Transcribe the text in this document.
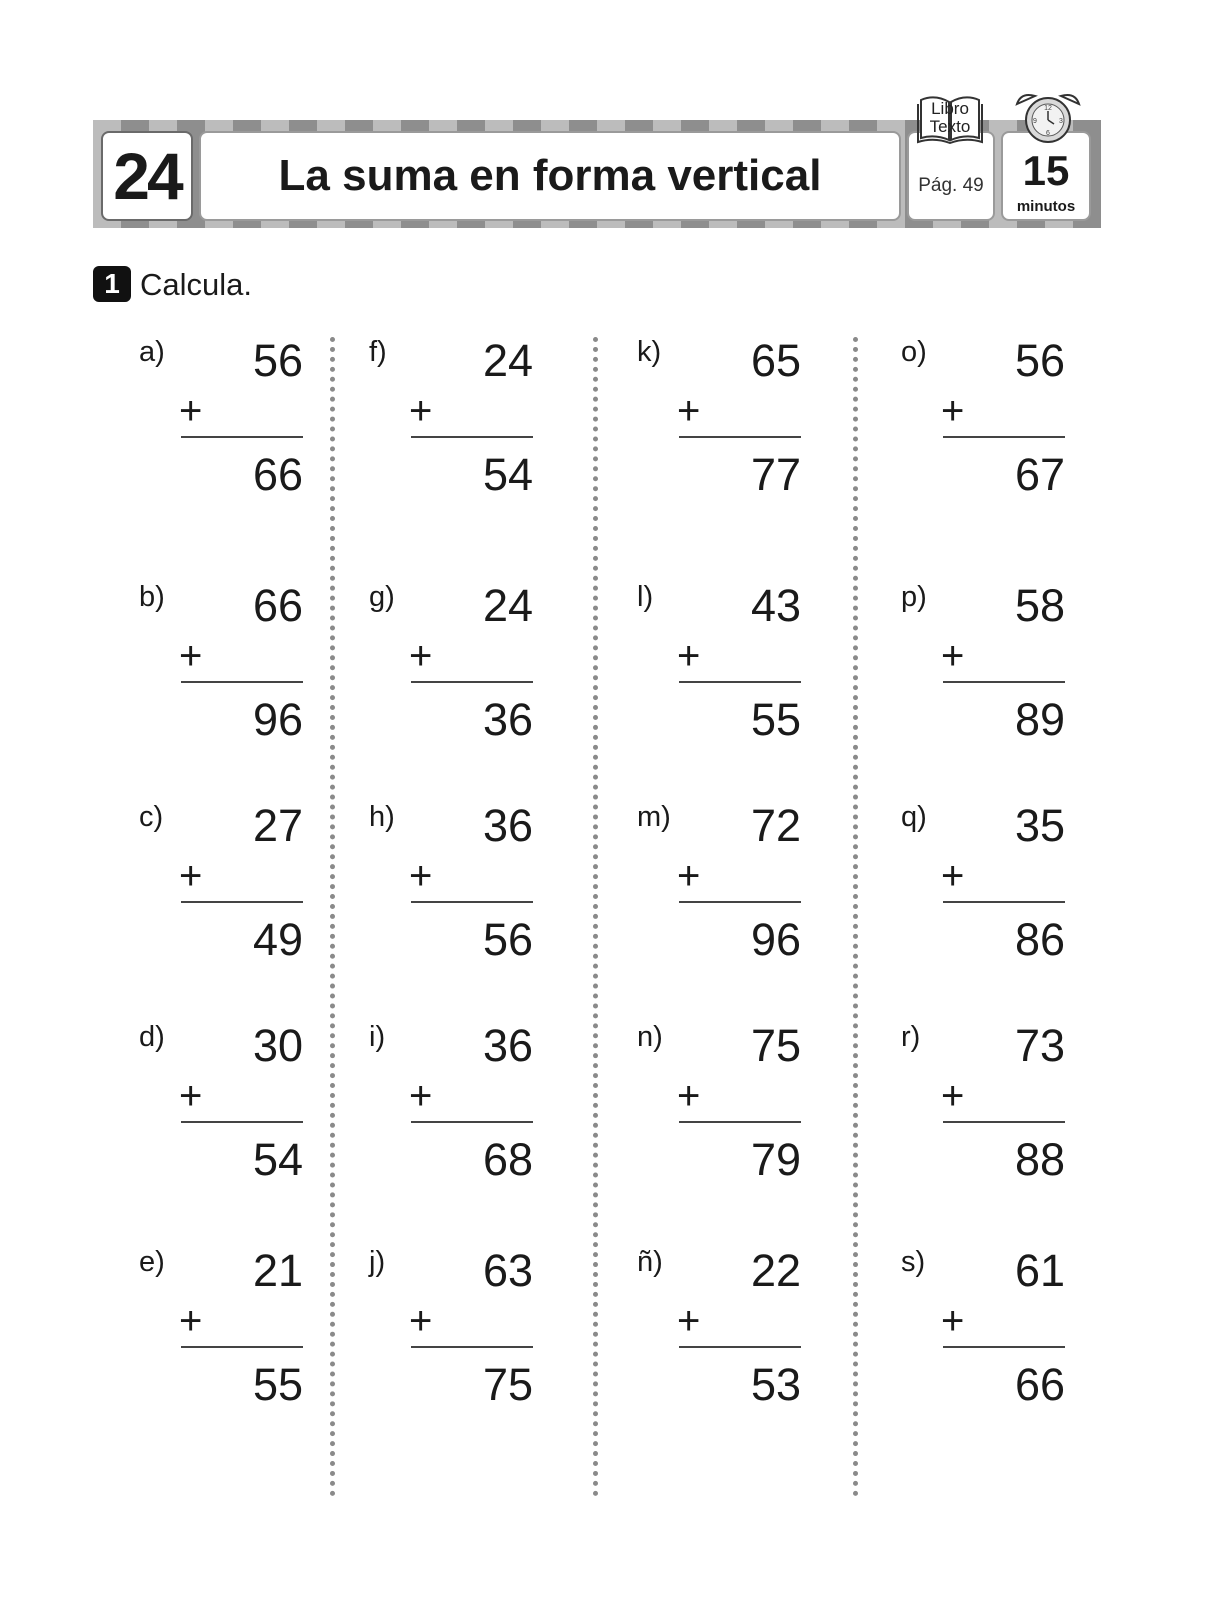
24	La suma en forma vertical	Pág. 49
Libro
Texto
12
3
6
9
15
minutos
1 Calcula.
a)	56
+
66
b)	66
+
96
c)	27
+
49
d)	30
+
54
e)	21
+
55
f)	24
+
54
g)	24
+
36
h)	36
+
56
i)	36
+
68
j)	63
+
75
k)	65
+
77
l)	43
+
55
m)	72
+
96
n)	75
+
79
ñ)	22
+
53
o)	56
+
67
p)	58
+
89
q)	35
+
86
r)	73
+
88
s)	61
+
66
